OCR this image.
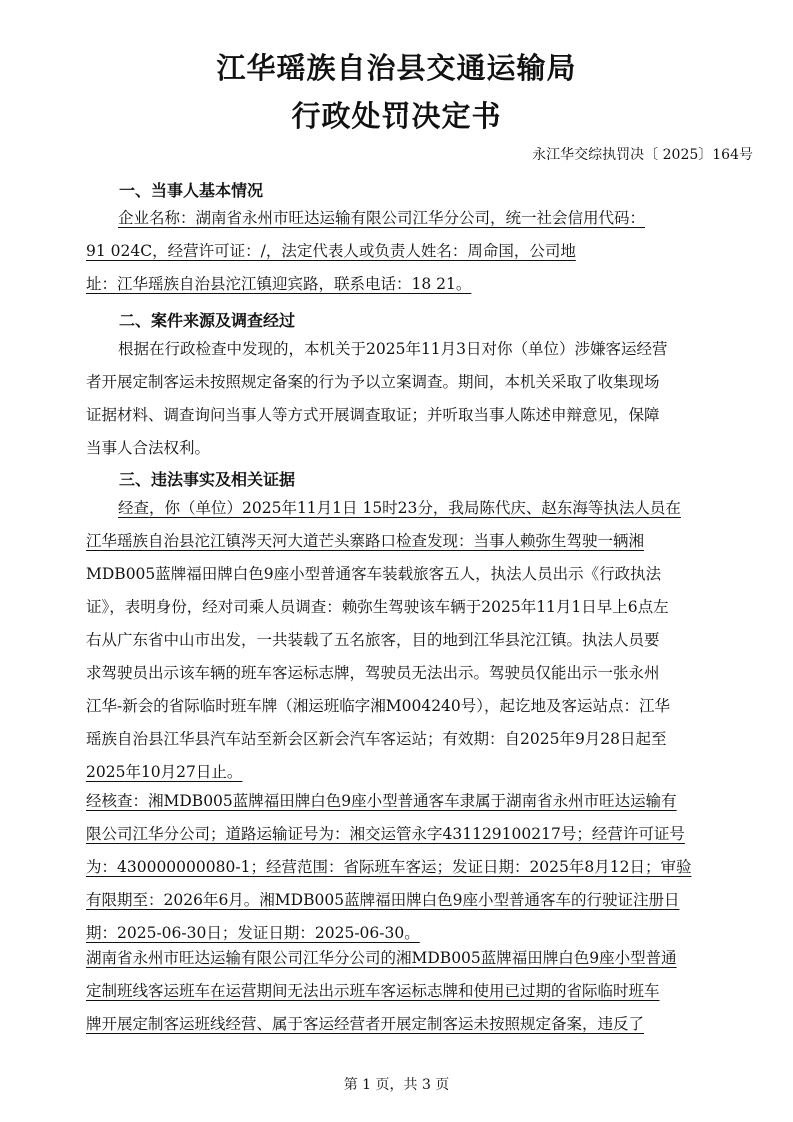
江华瑶族自治县交通运输局
行政处罚决定书
永江华交综执罚决〔 2025〕164号
一、当事人基本情况
企业名称：湖南省永州市旺达运输有限公司江华分公司，统一社会信用代码：
91 024C，经营许可证：/，法定代表人或负责人姓名：周命国，公司地
址：江华瑶族自治县沱江镇迎宾路，联系电话：18 21。
二、案件来源及调查经过
根据在行政检查中发现的，本机关于2025年11月3日对你（单位）涉嫌客运经营
者开展定制客运未按照规定备案的行为予以立案调查。期间，本机关采取了收集现场
证据材料、调查询问当事人等方式开展调查取证；并听取当事人陈述申辩意见，保障
当事人合法权利。
三、违法事实及相关证据
经查，你（单位）2025年11月1日 15时23分，我局陈代庆、赵东海等执法人员在
江华瑶族自治县沱江镇涔天河大道芒头寨路口检查发现：当事人赖弥生驾驶一辆湘
MDB005蓝牌福田牌白色9座小型普通客车装载旅客五人，执法人员出示《行政执法
证》，表明身份，经对司乘人员调查：赖弥生驾驶该车辆于2025年11月1日早上6点左
右从广东省中山市出发，一共装载了五名旅客，目的地到江华县沱江镇。执法人员要
求驾驶员出示该车辆的班车客运标志牌，驾驶员无法出示。驾驶员仅能出示一张永州
江华-新会的省际临时班车牌（湘运班临字湘M004240号），起讫地及客运站点：江华
瑶族自治县江华县汽车站至新会区新会汽车客运站；有效期：自2025年9月28日起至
2025年10月27日止。
经核查：湘MDB005蓝牌福田牌白色9座小型普通客车隶属于湖南省永州市旺达运输有
限公司江华分公司；道路运输证号为：湘交运管永字431129100217号；经营许可证号
为：430000000080-1；经营范围：省际班车客运；发证日期：2025年8月12日；审验
有限期至：2026年6月。湘MDB005蓝牌福田牌白色9座小型普通客车的行驶证注册日
期：2025-06-30日；发证日期：2025-06-30。
湖南省永州市旺达运输有限公司江华分公司的湘MDB005蓝牌福田牌白色9座小型普通
定制班线客运班车在运营期间无法出示班车客运标志牌和使用已过期的省际临时班车
牌开展定制客运班线经营、属于客运经营者开展定制客运未按照规定备案，违反了
第 1 页，共 3 页
